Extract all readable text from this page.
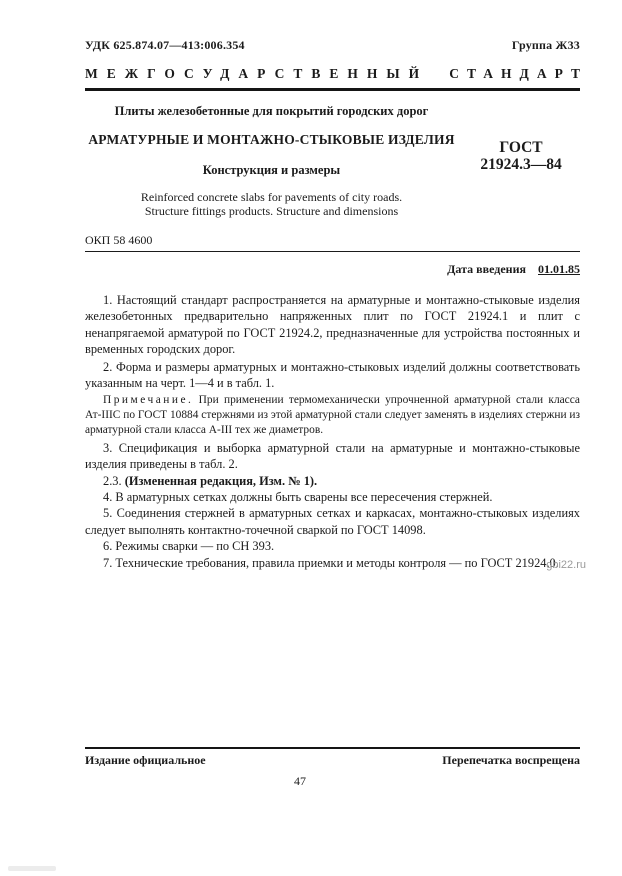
УДК 625.874.07—413:006.354	Группа Ж33
МЕЖГОСУДАРСТВЕННЫЙ СТАНДАРТ
Плиты железобетонные для покрытий городских дорог
АРМАТУРНЫЕ И МОНТАЖНО-СТЫКОВЫЕ ИЗДЕЛИЯ
Конструкция и размеры
Reinforced concrete slabs for pavements of city roads.
Structure fittings products. Structure and dimensions
ГОСТ
21924.3—84
ОКП 58 4600
Дата введения 01.01.85

1. Настоящий стандарт распространяется на арматурные и монтажно-стыковые изделия железобетонных предварительно напряженных плит по ГОСТ 21924.1 и плит с ненапрягаемой арматурой по ГОСТ 21924.2, предназначенные для устройства постоянных и временных городских дорог.

2. Форма и размеры арматурных и монтажно-стыковых изделий должны соответствовать указанным на черт. 1—4 и в табл. 1.

Примечание. При применении термомеханически упрочненной арматурной стали класса Ат-IIIС по ГОСТ 10884 стержнями из этой арматурной стали следует заменять в изделиях стержни из арматурной стали класса А-III тех же диаметров.

3. Спецификация и выборка арматурной стали на арматурные и монтажно-стыковые изделия приведены в табл. 2.

2.3. (Измененная редакция, Изм. № 1).

4. В арматурных сетках должны быть сварены все пересечения стержней.

5. Соединения стержней в арматурных сетках и каркасах, монтажно-стыковых изделиях следует выполнять контактно-точечной сваркой по ГОСТ 14098.

6. Режимы сварки — по СН 393.

7. Технические требования, правила приемки и методы контроля — по ГОСТ 21924.0.

gbi22.ru
Издание официальное	Перепечатка воспрещена
47
